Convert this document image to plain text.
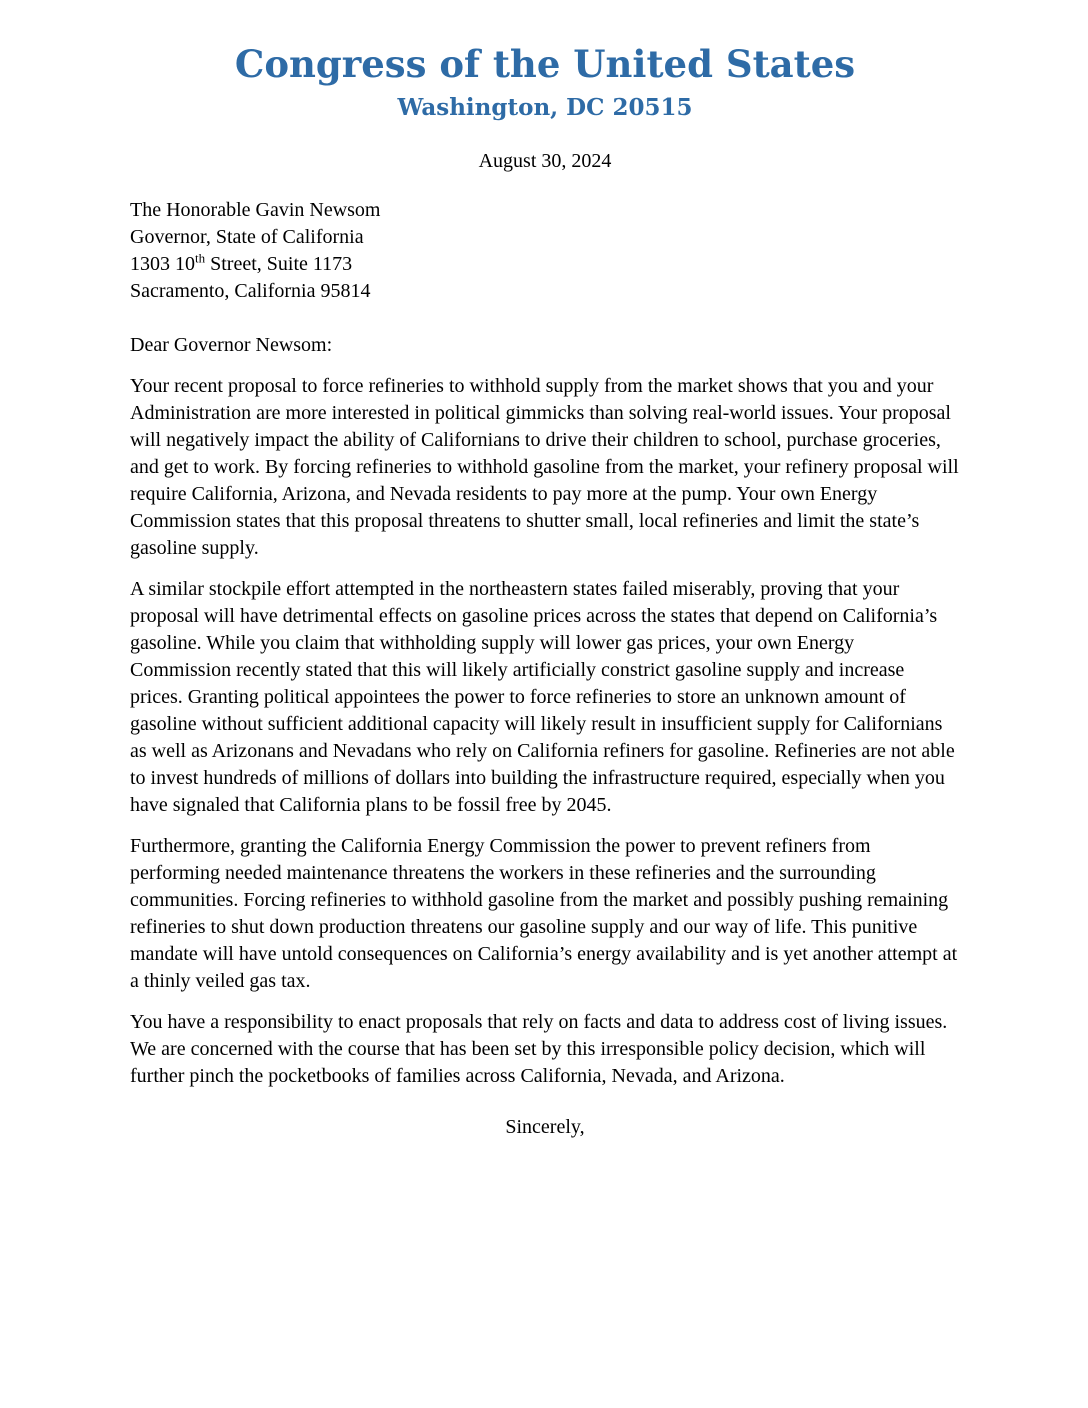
Congress of the United States
Washington, DC 20515
August 30, 2024
The Honorable Gavin Newsom
Governor, State of California
1303 10th Street, Suite 1173
Sacramento, California 95814
Dear Governor Newsom:

Your recent proposal to force refineries to withhold supply from the market shows that you and your Administration are more interested in political gimmicks than solving real-world issues. Your proposal will negatively impact the ability of Californians to drive their children to school, purchase groceries, and get to work. By forcing refineries to withhold gasoline from the market, your refinery proposal will require California, Arizona, and Nevada residents to pay more at the pump. Your own Energy Commission states that this proposal threatens to shutter small, local refineries and limit the state’s gasoline supply.

A similar stockpile effort attempted in the northeastern states failed miserably, proving that your proposal will have detrimental effects on gasoline prices across the states that depend on California’s gasoline. While you claim that withholding supply will lower gas prices, your own Energy Commission recently stated that this will likely artificially constrict gasoline supply and increase prices. Granting political appointees the power to force refineries to store an unknown amount of gasoline without sufficient additional capacity will likely result in insufficient supply for Californians as well as Arizonans and Nevadans who rely on California refiners for gasoline. Refineries are not able to invest hundreds of millions of dollars into building the infrastructure required, especially when you have signaled that California plans to be fossil free by 2045.

Furthermore, granting the California Energy Commission the power to prevent refiners from performing needed maintenance threatens the workers in these refineries and the surrounding communities. Forcing refineries to withhold gasoline from the market and possibly pushing remaining refineries to shut down production threatens our gasoline supply and our way of life. This punitive mandate will have untold consequences on California’s energy availability and is yet another attempt at a thinly veiled gas tax.

You have a responsibility to enact proposals that rely on facts and data to address cost of living issues. We are concerned with the course that has been set by this irresponsible policy decision, which will further pinch the pocketbooks of families across California, Nevada, and Arizona.

Sincerely,
